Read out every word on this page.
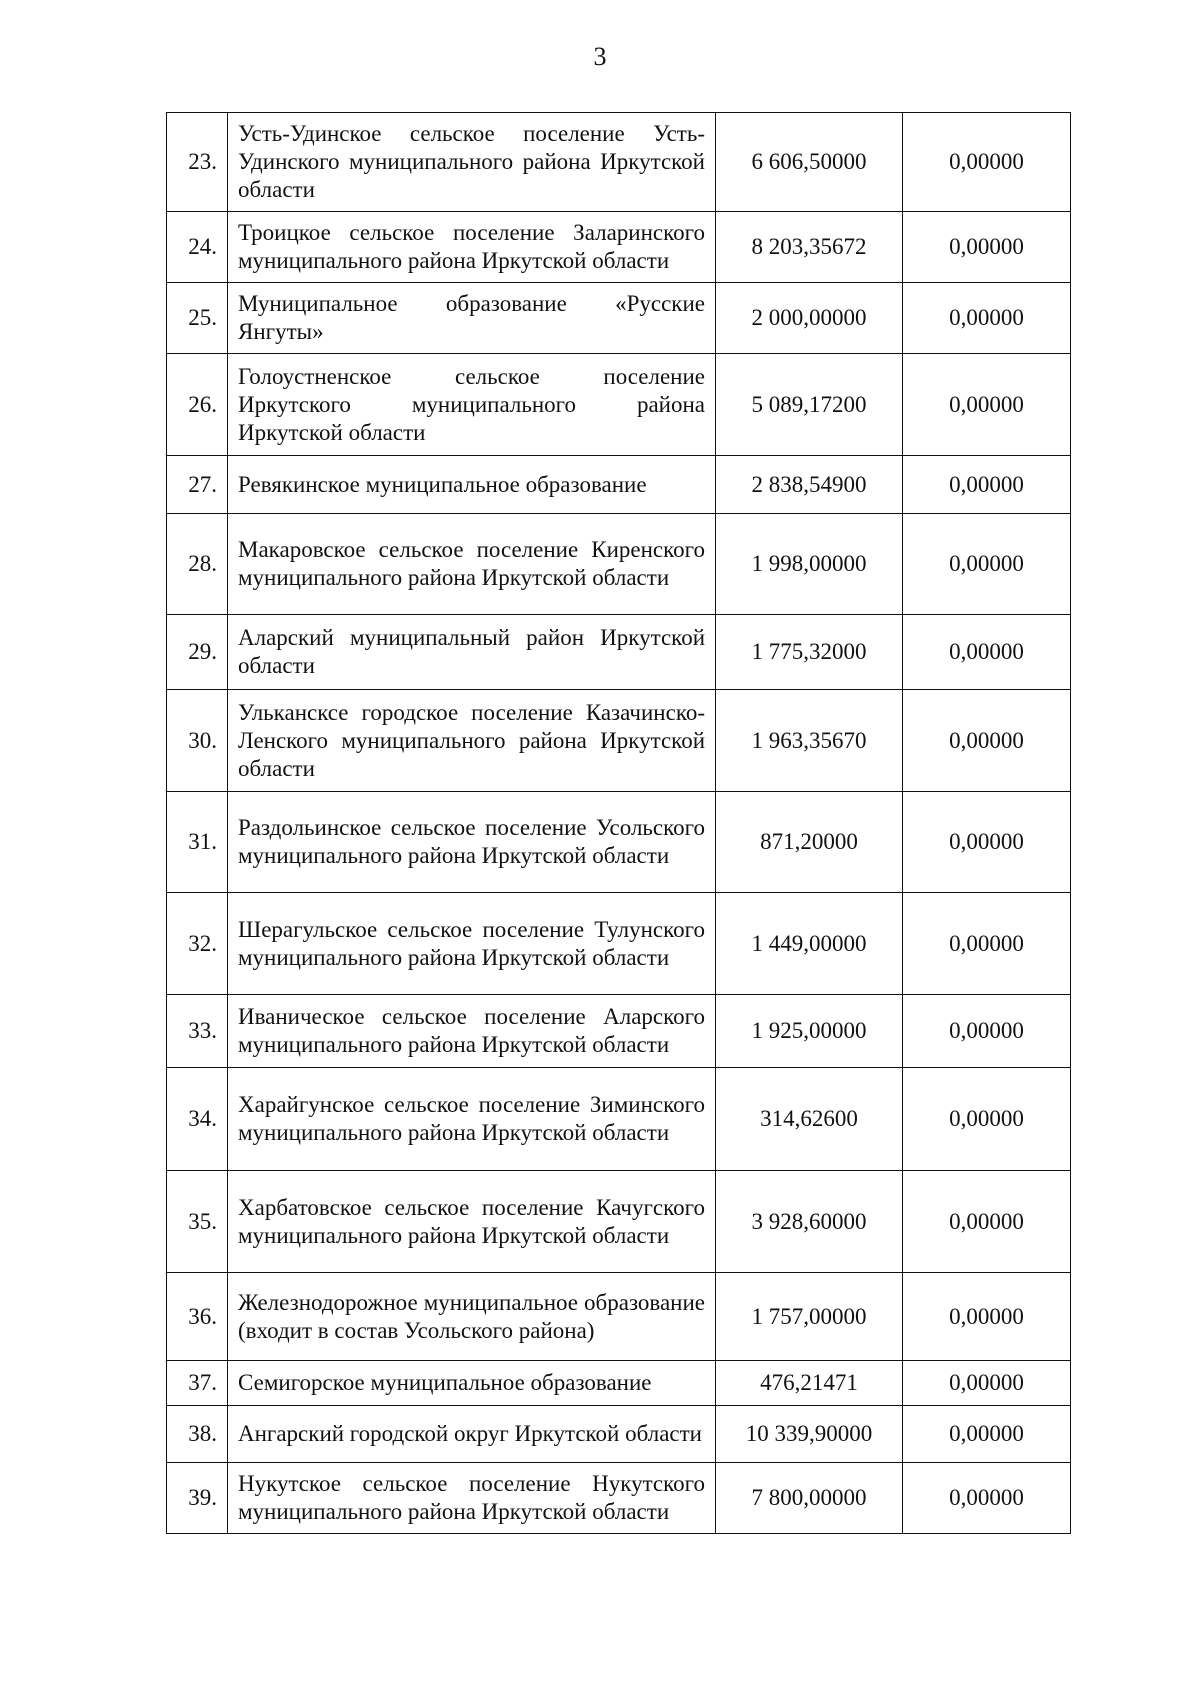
3
23.	Усть-Удинское сельское поселение Усть-Удинского муниципального района Иркутской области	6 606,50000	0,00000
24.	Троицкое сельское поселение Заларинского муниципального района Иркутской области	8 203,35672	0,00000
25.	Муниципальное образование «Русские Янгуты»	2 000,00000	0,00000
26.	Голоустненское сельское поселение Иркутского муниципального района Иркутской области	5 089,17200	0,00000
27.	Ревякинское муниципальное образование	2 838,54900	0,00000
28.	Макаровское сельское поселение Киренского муниципального района Иркутской области	1 998,00000	0,00000
29.	Аларский муниципальный район Иркутской области	1 775,32000	0,00000
30.	Улькансксе городское поселение Казачинско-Ленского муниципального района Иркутской области	1 963,35670	0,00000
31.	Раздольинское сельское поселение Усольского муниципального района Иркутской области	871,20000	0,00000
32.	Шерагульское сельское поселение Тулунского муниципального района Иркутской области	1 449,00000	0,00000
33.	Иваническое сельское поселение Аларского муниципального района Иркутской области	1 925,00000	0,00000
34.	Харайгунское сельское поселение Зиминского муниципального района Иркутской области	314,62600	0,00000
35.	Харбатовское сельское поселение Качугского муниципального района Иркутской области	3 928,60000	0,00000
36.	Железнодорожное муниципальное образование (входит в состав Усольского района)	1 757,00000	0,00000
37.	Семигорское муниципальное образование	476,21471	0,00000
38.	Ангарский городской округ Иркутской области	10 339,90000	0,00000
39.	Нукутское сельское поселение Нукутского муниципального района Иркутской области	7 800,00000	0,00000
